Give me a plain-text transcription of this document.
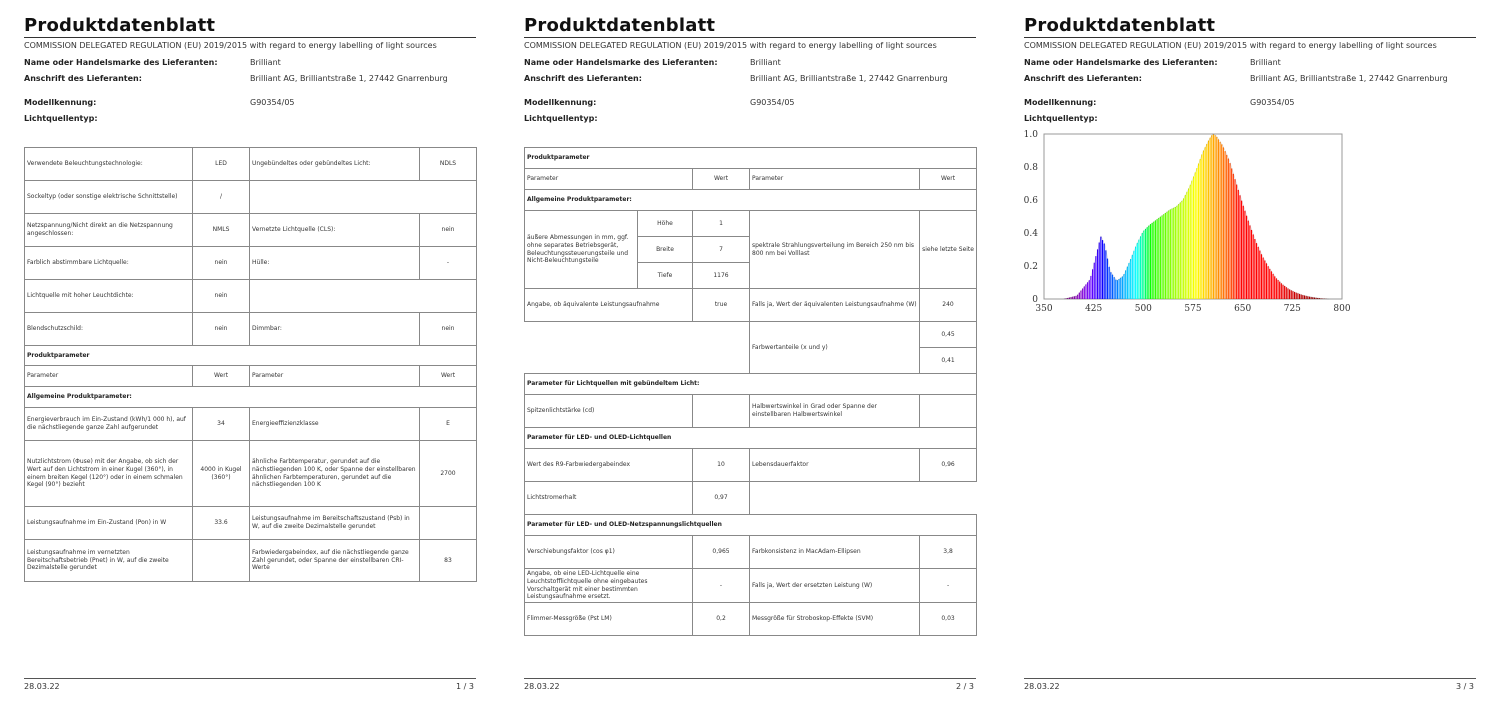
Produktdatenblatt
COMMISSION DELEGATED REGULATION (EU) 2019/2015 with regard to energy labelling of light sources
Name oder Handelsmarke des Lieferanten:	Brilliant
Anschrift des Lieferanten:	Brilliant AG, Brilliantstraße 1, 27442 Gnarrenburg
Modellkennung:	G90354/05
Lichtquellentyp:
Verwendete Beleuchtungstechnologie:	LED	Ungebündeltes oder gebündeltes Licht:	NDLS
Sockeltyp (oder sonstige elektrische Schnittstelle)	/		
Netzspannung/Nicht direkt an die Netzspannung angeschlossen:	NMLS	Vernetzte Lichtquelle (CLS):	nein
Farblich abstimmbare Lichtquelle:	nein	Hülle:	-
Lichtquelle mit hoher Leuchtdichte:	nein		
Blendschutzschild:	nein	Dimmbar:	nein
Produktparameter			
Parameter	Wert	Parameter	Wert
Allgemeine Produktparameter:			
Energieverbrauch im Ein-Zustand (kWh/1 000 h), auf die nächstliegende ganze Zahl aufgerundet	34	Energieeffizienzklasse	E
Nutzlichtstrom (Φuse) mit der Angabe, ob sich der Wert auf den Lichtstrom in einer Kugel (360°), in einem breiten Kegel (120°) oder in einem schmalen Kegel (90°) bezieht	4000 in Kugel (360°)	ähnliche Farbtemperatur, gerundet auf die nächstliegenden 100 K, oder Spanne der einstellbaren ähnlichen Farbtemperaturen, gerundet auf die nächstliegenden 100 K	2700
Leistungsaufnahme im Ein-Zustand (Pon) in W	33.6	Leistungsaufnahme im Bereitschaftszustand (Psb) in W, auf die zweite Dezimalstelle gerundet	
Leistungsaufnahme im vernetzten Bereitschaftsbetrieb (Pnet) in W, auf die zweite Dezimalstelle gerundet		Farbwiedergabeindex, auf die nächstliegende ganze Zahl gerundet, oder Spanne der einstellbaren CRI-Werte	83
28.03.22	1 / 3
Produktdatenblatt
COMMISSION DELEGATED REGULATION (EU) 2019/2015 with regard to energy labelling of light sources
Name oder Handelsmarke des Lieferanten:	Brilliant
Anschrift des Lieferanten:	Brilliant AG, Brilliantstraße 1, 27442 Gnarrenburg
Modellkennung:	G90354/05
Lichtquellentyp:
Produktparameter				
Parameter		Wert	Parameter	Wert
Allgemeine Produktparameter:				
äußere Abmessungen in mm, ggf. ohne separates Betriebsgerät, Beleuchtungssteuerungsteile und Nicht-Beleuchtungsteile	Höhe	1	spektrale Strahlungsverteilung im Bereich 250 nm bis 800 nm bei Volllast	siehe letzte Seite
	Breite	7		
	Tiefe	1176		
Angabe, ob äquivalente Leistungsaufnahme		true	Falls ja, Wert der äquivalenten Leistungsaufnahme (W)	240
			Farbwertanteile (x und y)	0,45
				0,41
Parameter für Lichtquellen mit gebündeltem Licht:				
Spitzenlichtstärke (cd)			Halbwertswinkel in Grad oder Spanne der einstellbaren Halbwertswinkel	
Parameter für LED- und OLED-Lichtquellen				
Wert des R9-Farbwiedergabeindex		10	Lebensdauerfaktor	0,96
Lichtstromerhalt		0,97		
Parameter für LED- und OLED-Netzspannungslichtquellen				
Verschiebungsfaktor (cos φ1)		0,965	Farbkonsistenz in MacAdam-Ellipsen	3,8
Angabe, ob eine LED-Lichtquelle eine Leuchtstofflichtquelle ohne eingebautes Vorschaltgerät mit einer bestimmten Leistungsaufnahme ersetzt.		-	Falls ja, Wert der ersetzten Leistung (W)	-
Flimmer-Messgröße (Pst LM)		0,2	Messgröße für Stroboskop-Effekte (SVM)	0,03
28.03.22	2 / 3
Produktdatenblatt
COMMISSION DELEGATED REGULATION (EU) 2019/2015 with regard to energy labelling of light sources
Name oder Handelsmarke des Lieferanten:	Brilliant
Anschrift des Lieferanten:	Brilliant AG, Brilliantstraße 1, 27442 Gnarrenburg
Modellkennung:	G90354/05
Lichtquellentyp:
0
0.2
0.4
0.6
0.8
1.0
350	425	500	575	650	725	800
28.03.22	3 / 3
